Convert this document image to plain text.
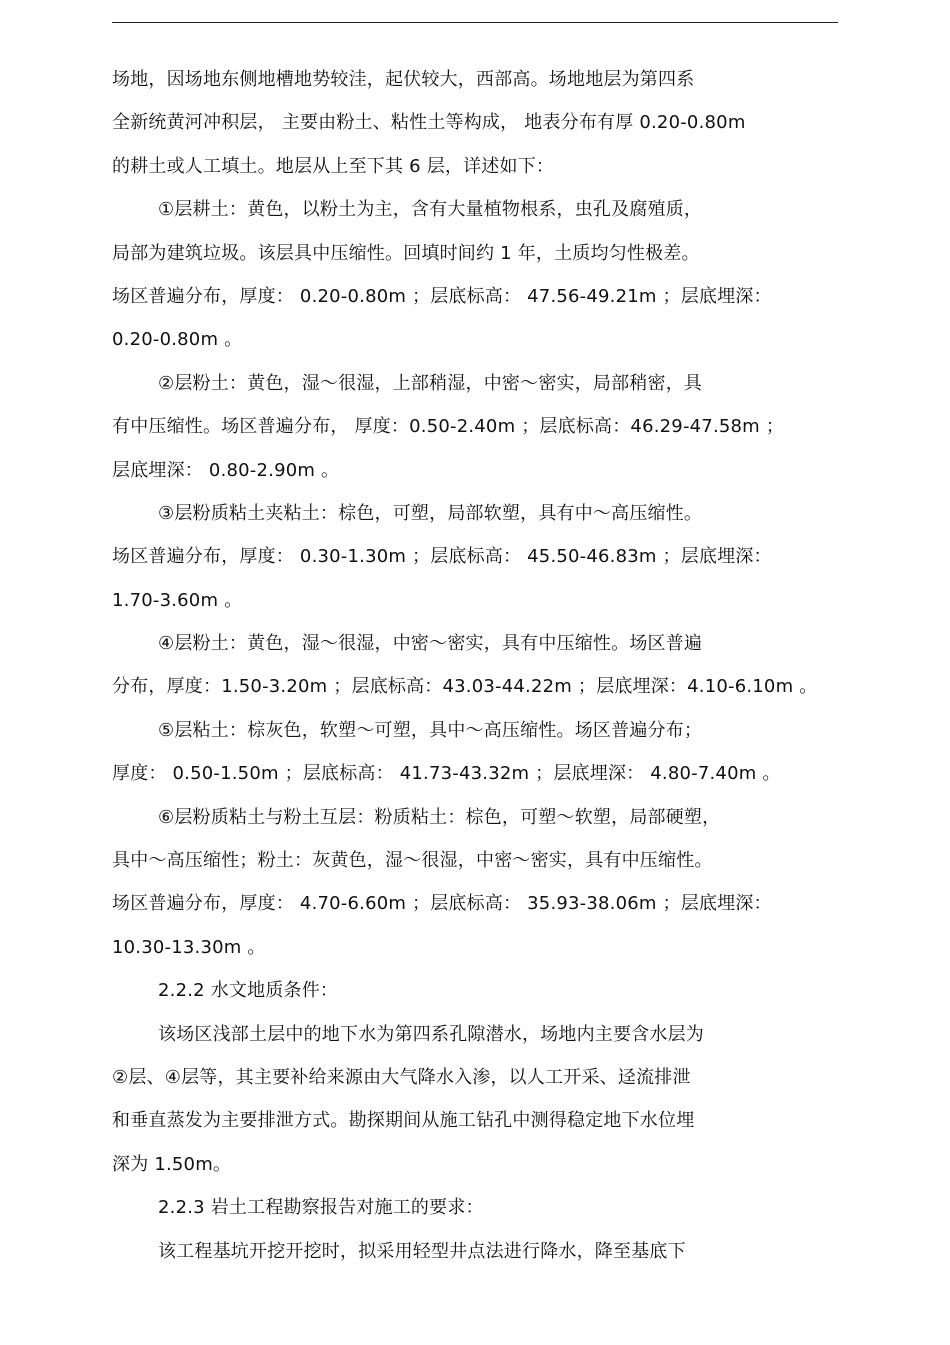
场地，因场地东侧地槽地势较洼，起伏较大，西部高。场地地层为第四系
全新统黄河冲积层， 主要由粉土、粘性土等构成， 地表分布有厚 0.20-0.80m
的耕土或人工填土。地层从上至下其 6 层，详述如下：
①层耕土：黄色，以粉土为主，含有大量植物根系，虫孔及腐殖质，
局部为建筑垃圾。该层具中压缩性。回填时间约 1 年，土质均匀性极差。
场区普遍分布，厚度： 0.20-0.80m ；层底标高： 47.56-49.21m ；层底埋深：
0.20-0.80m 。
②层粉土：黄色，湿～很湿，上部稍湿，中密～密实，局部稍密，具
有中压缩性。场区普遍分布， 厚度：0.50-2.40m ；层底标高：46.29-47.58m ；
层底埋深： 0.80-2.90m 。
③层粉质粘土夹粘土：棕色，可塑，局部软塑，具有中～高压缩性。
场区普遍分布，厚度： 0.30-1.30m ；层底标高： 45.50-46.83m ；层底埋深：
1.70-3.60m 。
④层粉土：黄色，湿～很湿，中密～密实，具有中压缩性。场区普遍
分布，厚度：1.50-3.20m ；层底标高：43.03-44.22m ；层底埋深：4.10-6.10m 。
⑤层粘土：棕灰色，软塑～可塑，具中～高压缩性。场区普遍分布；
厚度： 0.50-1.50m ；层底标高： 41.73-43.32m ；层底埋深： 4.80-7.40m 。
⑥层粉质粘土与粉土互层：粉质粘土：棕色，可塑～软塑，局部硬塑，
具中～高压缩性；粉土：灰黄色，湿～很湿，中密～密实，具有中压缩性。
场区普遍分布，厚度： 4.70-6.60m ；层底标高： 35.93-38.06m ；层底埋深：
10.30-13.30m 。
2.2.2 水文地质条件：
该场区浅部土层中的地下水为第四系孔隙潜水，场地内主要含水层为
②层、④层等，其主要补给来源由大气降水入渗，以人工开采、迳流排泄
和垂直蒸发为主要排泄方式。勘探期间从施工钻孔中测得稳定地下水位埋
深为 1.50m。
2.2.3 岩土工程勘察报告对施工的要求：
该工程基坑开挖开挖时，拟采用轻型井点法进行降水，降至基底下
